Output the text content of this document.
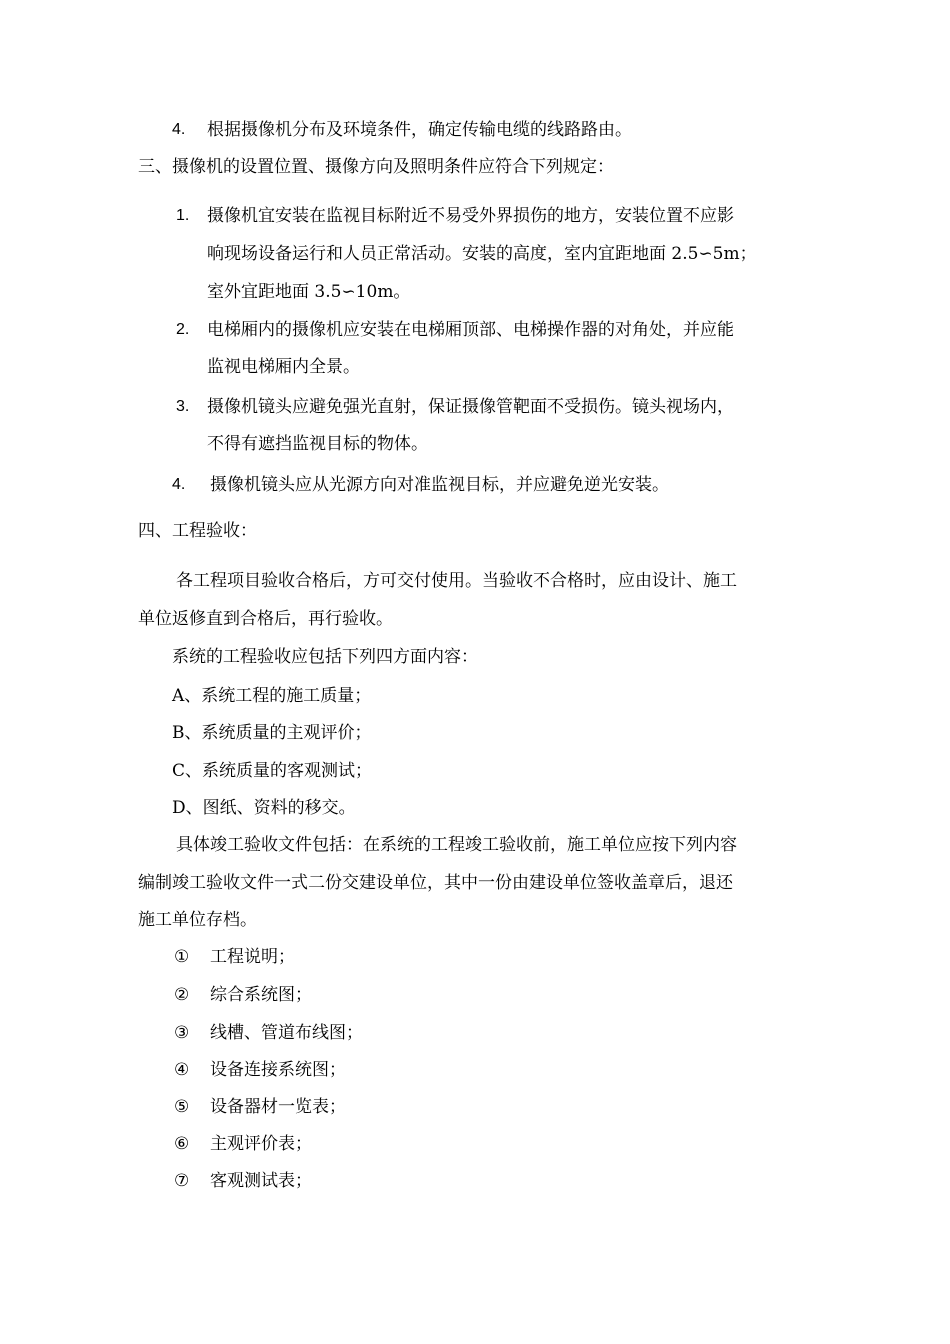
4. 根据摄像机分布及环境条件，确定传输电缆的线路路由。
三、摄像机的设置位置、摄像方向及照明条件应符合下列规定：
1. 摄像机宜安装在监视目标附近不易受外界损伤的地方，安装位置不应影
响现场设备运行和人员正常活动。安装的高度，室内宜距地面 2.5∽5m；
室外宜距地面 3.5∽10m。
2. 电梯厢内的摄像机应安装在电梯厢顶部、电梯操作器的对角处，并应能
监视电梯厢内全景。
3. 摄像机镜头应避免强光直射，保证摄像管靶面不受损伤。镜头视场内，
不得有遮挡监视目标的物体。
4. 摄像机镜头应从光源方向对准监视目标，并应避免逆光安装。
四、工程验收：
各工程项目验收合格后，方可交付使用。当验收不合格时，应由设计、施工
单位返修直到合格后，再行验收。
系统的工程验收应包括下列四方面内容：
A、系统工程的施工质量；
B、系统质量的主观评价；
C、系统质量的客观测试；
D、图纸、资料的移交。
具体竣工验收文件包括：在系统的工程竣工验收前，施工单位应按下列内容
编制竣工验收文件一式二份交建设单位，其中一份由建设单位签收盖章后，退还
施工单位存档。
① 工程说明；
② 综合系统图；
③ 线槽、管道布线图；
④ 设备连接系统图；
⑤ 设备器材一览表；
⑥ 主观评价表；
⑦ 客观测试表；
